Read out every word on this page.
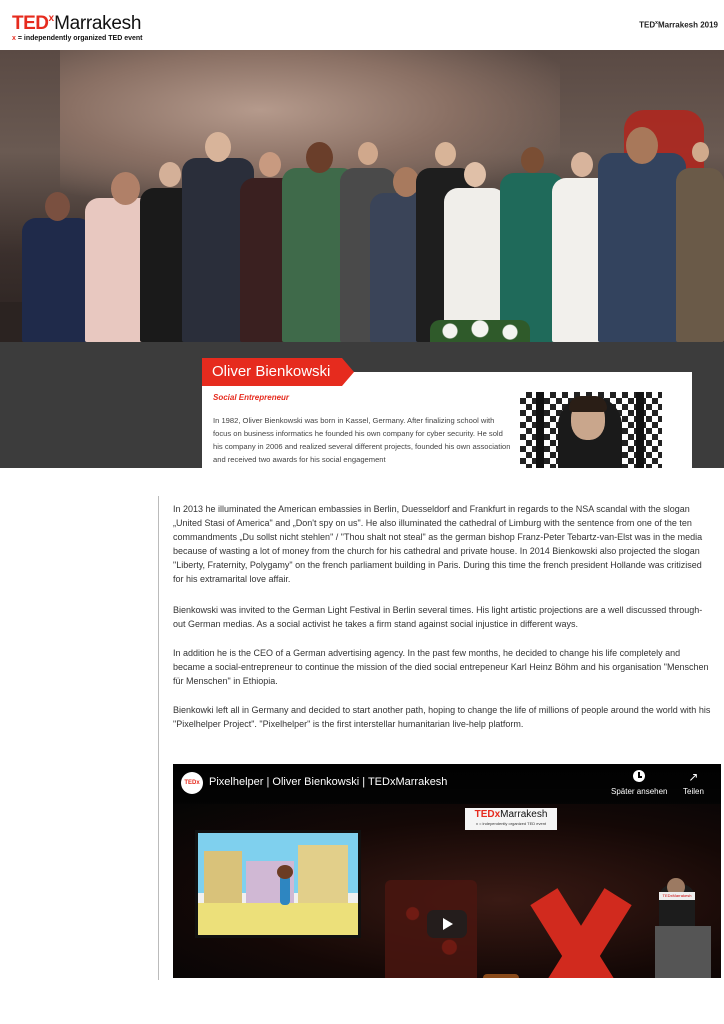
TED$^x$Marrakesh
x = independently organized TED event
TED$^x$Marrakesh 2019
Oliver Bienkowski
Social Entrepreneur
In 1982, Oliver Bienkowski was born in Kassel, Germany. After finalizing school with focus on business informatics he founded his own company for cyber security. He sold his company in 2006 and realized several different projects, founded his own association and received two awards for his social engagement

In 2013 he illuminated the American embassies in Berlin, Duesseldorf and Frankfurt in regards to the NSA scandal with the slogan „United Stasi of America" and „Don't spy on us". He also illuminated the cathedral of Limburg with the sentence from one of the ten commandments „Du sollst nicht stehlen" / "Thou shalt not steal" as the german bishop Franz-Peter Tebartz-van-Elst was in the media because of wasting a lot of money from the church for his cathedral and private house. In 2014 Bienkowski also projected the slogan "Liberty, Fraternity, Polygamy" on the french parliament building in Paris. During this time the french president Hollande was critizised for his extramarital love affair.

Bienkowski was invited to the German Light Festival in Berlin several times. His light artistic projections are a well discussed through-out German medias. As a social activist he takes a firm stand against social injustice in different ways.

In addition he is the CEO of a German advertising agency. In the past few months, he decided to change his life completely and became a social-entrepreneur to continue the mission of the died social entrepeneur Karl Heinz Böhm and his organisation "Menschen für Menschen" in Ethiopia.

Bienkowki left all in Germany and decided to start another path, hoping to change the life of millions of people around the world with his "Pixelhelper Project". "Pixelhelper" is the first interstellar humanitarian live-help platform.

TEDxMarrakesh
x = independently organized TED event
TEDxMarrakesh
TEDx Pixelhelper | Oliver Bienkowski | TEDxMarrakesh
Später ansehen
↗
Teilen
